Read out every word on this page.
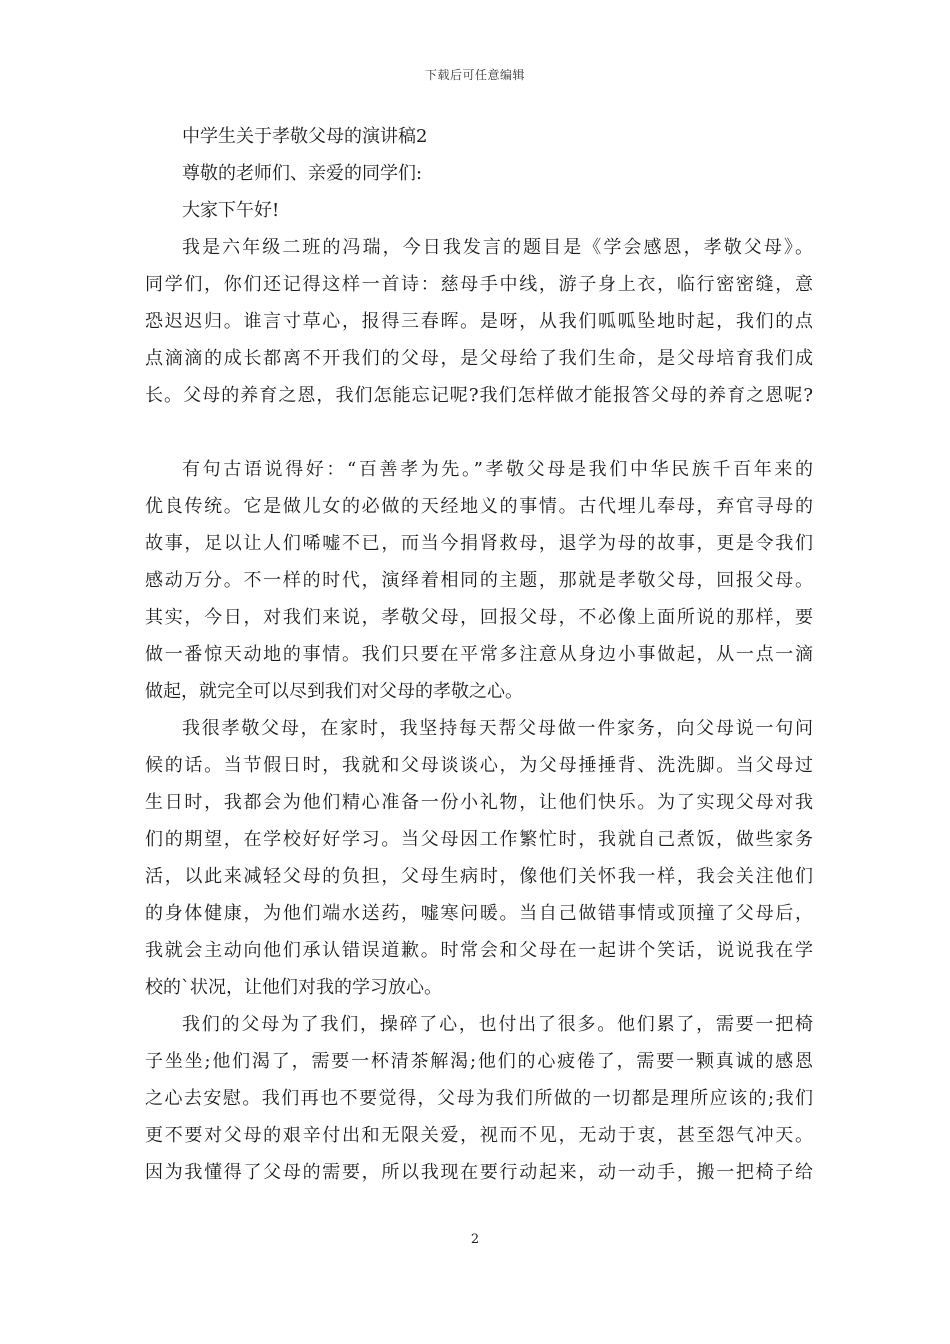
下载后可任意编辑
中学生关于孝敬父母的演讲稿2
尊敬的老师们、亲爱的同学们:
大家下午好!
我是六年级二班的冯瑞，今日我发言的题目是《学会感恩，孝敬父母》。
同学们，你们还记得这样一首诗：慈母手中线，游子身上衣，临行密密缝，意
恐迟迟归。谁言寸草心，报得三春晖。是呀，从我们呱呱坠地时起，我们的点
点滴滴的成长都离不开我们的父母，是父母给了我们生命，是父母培育我们成
长。父母的养育之恩，我们怎能忘记呢?我们怎样做才能报答父母的养育之恩呢?
有句古语说得好：“百善孝为先。”孝敬父母是我们中华民族千百年来的
优良传统。它是做儿女的必做的天经地义的事情。古代埋儿奉母，弃官寻母的
故事，足以让人们唏嘘不已，而当今捐肾救母，退学为母的故事，更是令我们
感动万分。不一样的时代，演绎着相同的主题，那就是孝敬父母，回报父母。
其实，今日，对我们来说，孝敬父母，回报父母，不必像上面所说的那样，要
做一番惊天动地的事情。我们只要在平常多注意从身边小事做起，从一点一滴
做起，就完全可以尽到我们对父母的孝敬之心。
我很孝敬父母，在家时，我坚持每天帮父母做一件家务，向父母说一句问
候的话。当节假日时，我就和父母谈谈心，为父母捶捶背、洗洗脚。当父母过
生日时，我都会为他们精心准备一份小礼物，让他们快乐。为了实现父母对我
们的期望，在学校好好学习。当父母因工作繁忙时，我就自己煮饭，做些家务
活，以此来减轻父母的负担，父母生病时，像他们关怀我一样，我会关注他们
的身体健康，为他们端水送药，嘘寒问暖。当自己做错事情或顶撞了父母后，
我就会主动向他们承认错误道歉。时常会和父母在一起讲个笑话，说说我在学
校的`状况，让他们对我的学习放心。
我们的父母为了我们，操碎了心，也付出了很多。他们累了，需要一把椅
子坐坐;他们渴了，需要一杯清茶解渴;他们的心疲倦了，需要一颗真诚的感恩
之心去安慰。我们再也不要觉得，父母为我们所做的一切都是理所应该的;我们
更不要对父母的艰辛付出和无限关爱，视而不见，无动于衷，甚至怨气冲天。
因为我懂得了父母的需要，所以我现在要行动起来，动一动手，搬一把椅子给
2
